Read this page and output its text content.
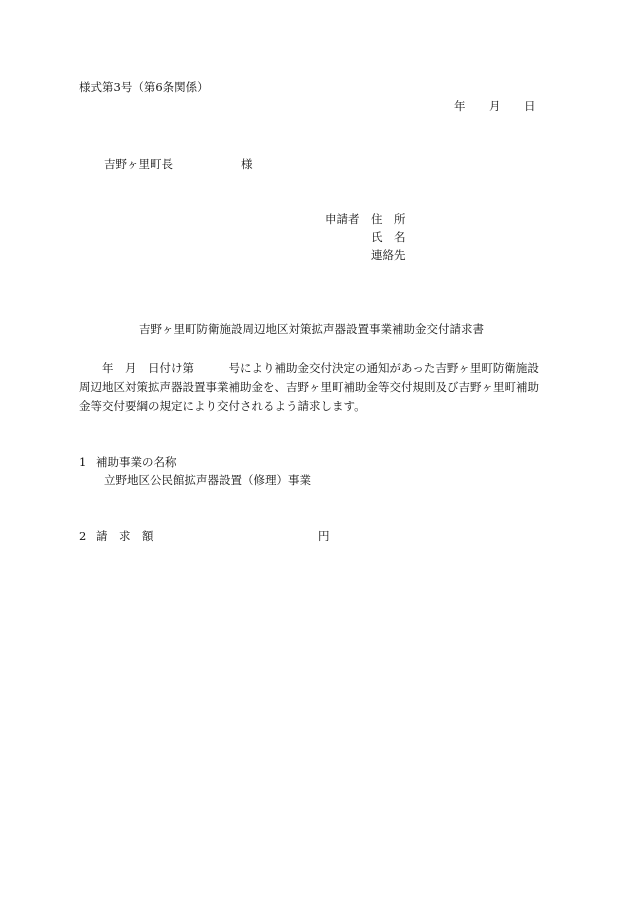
様式第3号（第6条関係）
年 月 日
吉野ヶ里町長	様
申請者 住　所
氏　名
連絡先
吉野ヶ里町防衛施設周辺地区対策拡声器設置事業補助金交付請求書
年　月　日付け第　　　号により補助金交付決定の通知があった吉野ヶ里町防衛施設
周辺地区対策拡声器設置事業補助金を、吉野ヶ里町補助金等交付規則及び吉野ヶ里町補助
金等交付要綱の規定により交付されるよう請求します。
1 補助事業の名称
立野地区公民館拡声器設置（修理）事業
2 請　求　額	円
